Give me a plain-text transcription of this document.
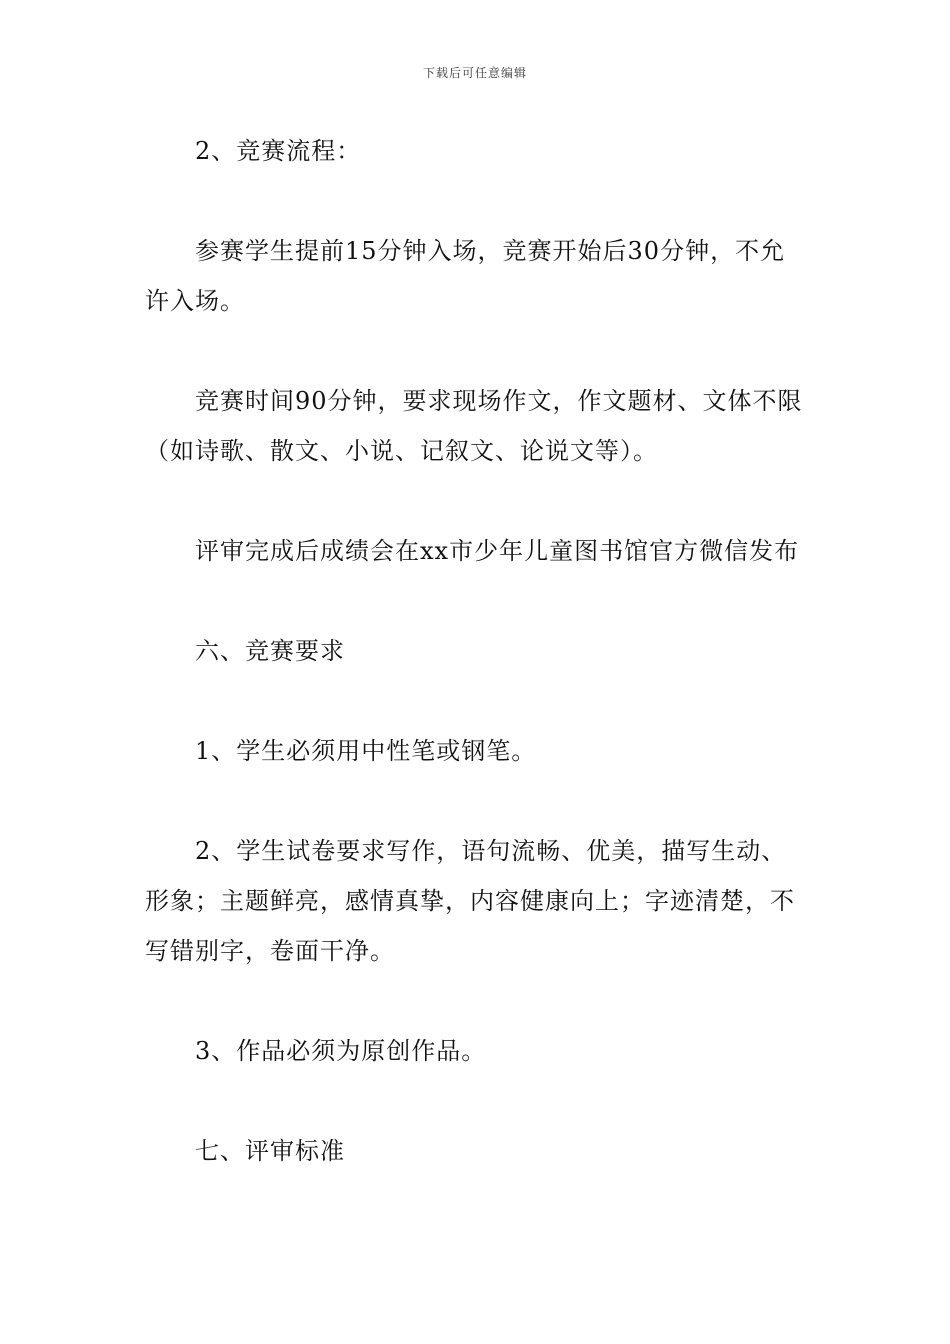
下载后可任意编辑

2、竞赛流程：

参赛学生提前15分钟入场，竞赛开始后30分钟，不允许入场。

竞赛时间90分钟，要求现场作文，作文题材、文体不限（如诗歌、散文、小说、记叙文、论说文等）。

评审完成后成绩会在xx市少年儿童图书馆官方微信发布

六、竞赛要求

1、学生必须用中性笔或钢笔。

2、学生试卷要求写作，语句流畅、优美，描写生动、形象；主题鲜亮，感情真挚，内容健康向上；字迹清楚，不写错别字，卷面干净。

3、作品必须为原创作品。

七、评审标准
